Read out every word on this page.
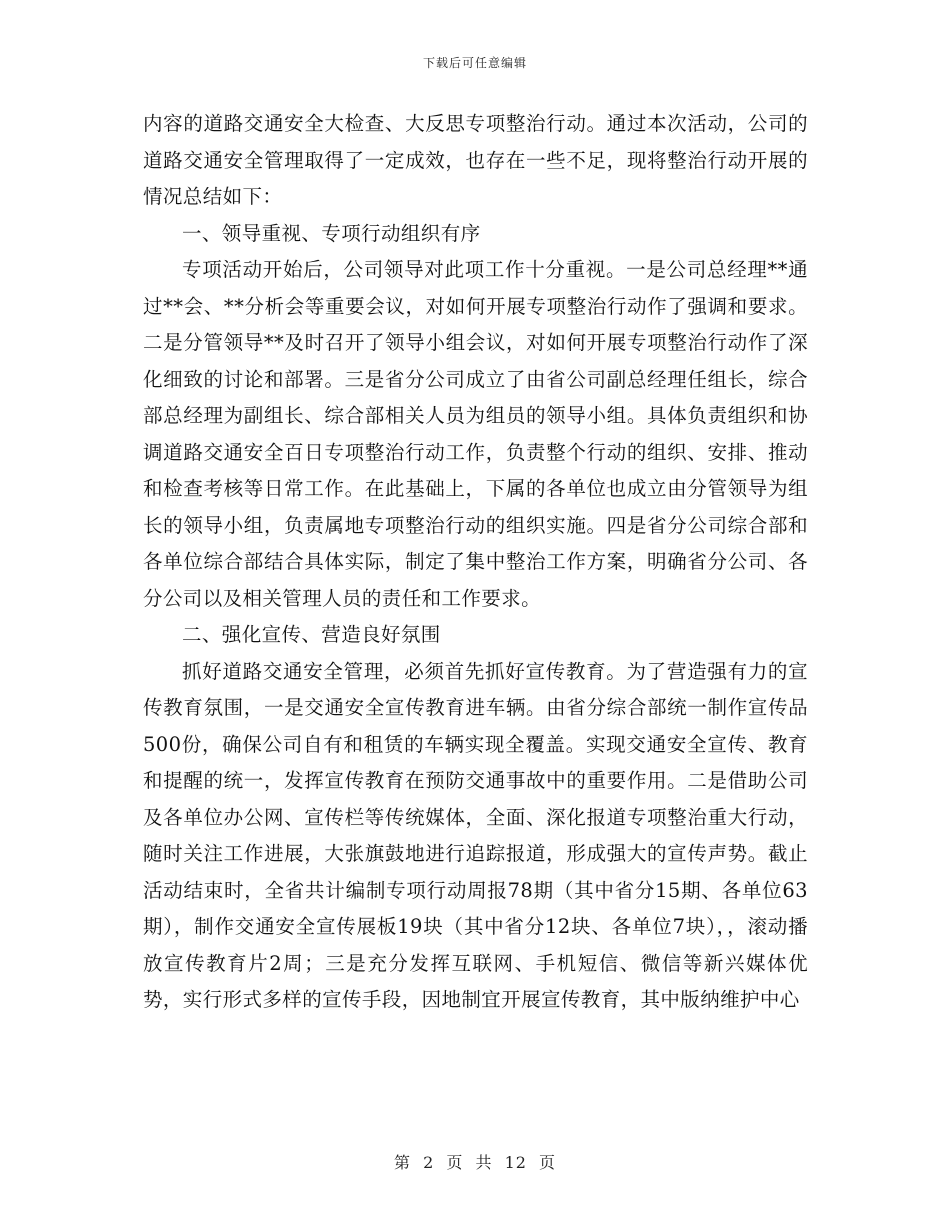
下载后可任意编辑

内容的道路交通安全大检查、大反思专项整治行动。通过本次活动，公司的道路交通安全管理取得了一定成效，也存在一些不足，现将整治行动开展的情况总结如下：

一、领导重视、专项行动组织有序

专项活动开始后，公司领导对此项工作十分重视。一是公司总经理**通过**会、**分析会等重要会议，对如何开展专项整治行动作了强调和要求。二是分管领导**及时召开了领导小组会议，对如何开展专项整治行动作了深化细致的讨论和部署。三是省分公司成立了由省公司副总经理任组长，综合部总经理为副组长、综合部相关人员为组员的领导小组。具体负责组织和协调道路交通安全百日专项整治行动工作，负责整个行动的组织、安排、推动和检查考核等日常工作。在此基础上，下属的各单位也成立由分管领导为组长的领导小组，负责属地专项整治行动的组织实施。四是省分公司综合部和各单位综合部结合具体实际，制定了集中整治工作方案，明确省分公司、各分公司以及相关管理人员的责任和工作要求。

二、强化宣传、营造良好氛围

抓好道路交通安全管理，必须首先抓好宣传教育。为了营造强有力的宣传教育氛围，一是交通安全宣传教育进车辆。由省分综合部统一制作宣传品500份，确保公司自有和租赁的车辆实现全覆盖。实现交通安全宣传、教育和提醒的统一，发挥宣传教育在预防交通事故中的重要作用。二是借助公司及各单位办公网、宣传栏等传统媒体，全面、深化报道专项整治重大行动，随时关注工作进展，大张旗鼓地进行追踪报道，形成强大的宣传声势。截止活动结束时，全省共计编制专项行动周报78期（其中省分15期、各单位63期），制作交通安全宣传展板19块（其中省分12块、各单位7块），，滚动播放宣传教育片2周；三是充分发挥互联网、手机短信、微信等新兴媒体优势，实行形式多样的宣传手段，因地制宜开展宣传教育，其中版纳维护中心

第 2 页 共 12 页
